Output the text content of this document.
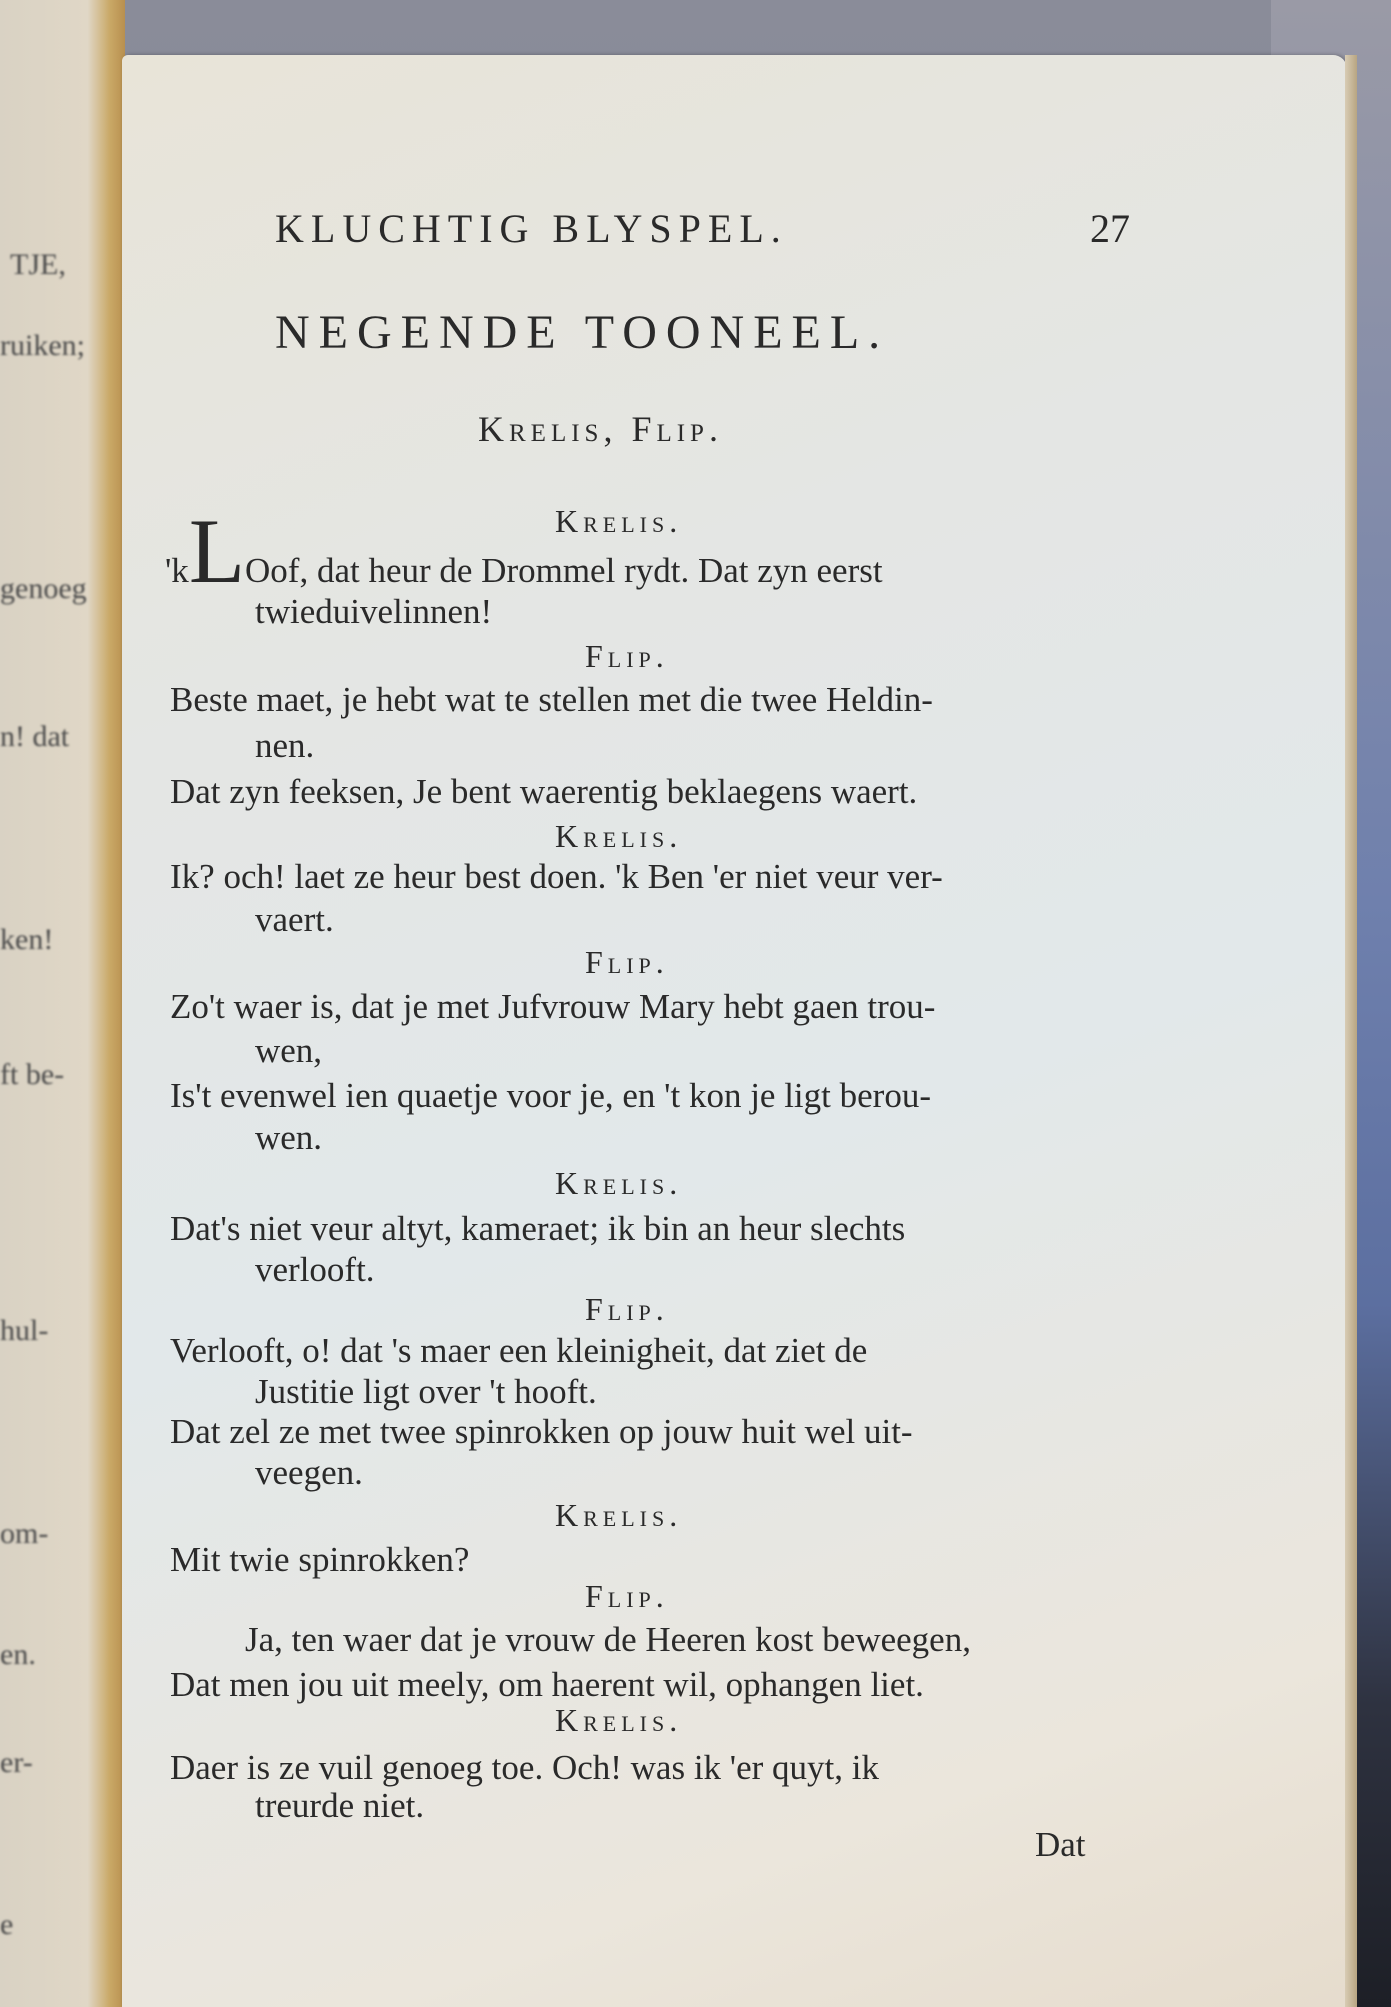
TJE,
ruiken;
genoeg
n! dat
ken!
ft be-
hul-
om-
en.
er-
e
KLUCHTIG BLYSPEL.	27
NEGENDE TOONEEL.
Krelis, Flip.
Krelis.
'kLOof, dat heur de Drommel rydt. Dat zyn eerst
twieduivelinnen!
Flip.
Beste maet, je hebt wat te stellen met die twee Heldin-
nen.
Dat zyn feeksen, Je bent waerentig beklaegens waert.
Krelis.
Ik? och! laet ze heur best doen. 'k Ben 'er niet veur ver-
vaert.
Flip.
Zo't waer is, dat je met Jufvrouw Mary hebt gaen trou-
wen,
Is't evenwel ien quaetje voor je, en 't kon je ligt berou-
wen.
Krelis.
Dat's niet veur altyt, kameraet; ik bin an heur slechts
verlooft.
Flip.
Verlooft, o! dat 's maer een kleinigheit, dat ziet de
Justitie ligt over 't hooft.
Dat zel ze met twee spinrokken op jouw huit wel uit-
veegen.
Krelis.
Mit twie spinrokken?
Flip.
Ja, ten waer dat je vrouw de Heeren kost beweegen,
Dat men jou uit meely, om haerent wil, ophangen liet.
Krelis.
Daer is ze vuil genoeg toe. Och! was ik 'er quyt, ik
treurde niet.
Dat
